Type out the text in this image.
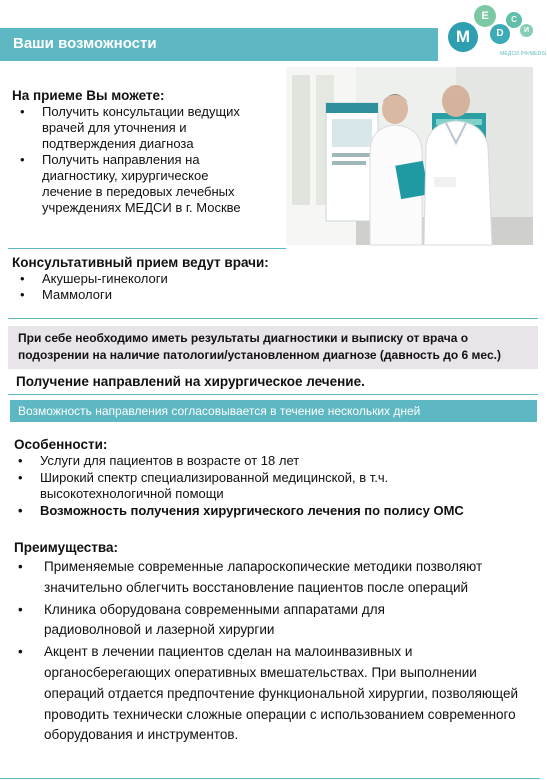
Ваши возможности	M
E
D
C
И
МЕДСИ.РФ/MEDSI
На приеме Вы можете:
• Получить консультации ведущих врачей для уточнения и подтверждения диагноза
• Получить направления на диагностику, хирургическое лечение в передовых лечебных учреждениях МЕДСИ в г. Москве
Консультативный прием ведут врачи:
• Акушеры-гинекологи
• Маммологи
При себе необходимо иметь результаты диагностики и выписку от врача о подозрении на наличие патологии/установленном диагнозе (давность до 6 мес.)
Получение направлений на хирургическое лечение.
Возможность направления согласовывается в течение нескольких дней
Особенности:
• Услуги для пациентов в возрасте от 18 лет
• Широкий спектр специализированной медицинской, в т.ч. высокотехнологичной помощи
• Возможность получения хирургического лечения по полису ОМС
Преимущества:
• Применяемые современные лапароскопические методики позволяют значительно облегчить восстановление пациентов после операций
• Клиника оборудована современными аппаратами для радиоволновой и лазерной хирургии
• Акцент в лечении пациентов сделан на малоинвазивных и органосберегающих оперативных вмешательствах. При выполнении операций отдается предпочтение функциональной хирургии, позволяющей проводить технически сложные операции с использованием современного оборудования и инструментов.
